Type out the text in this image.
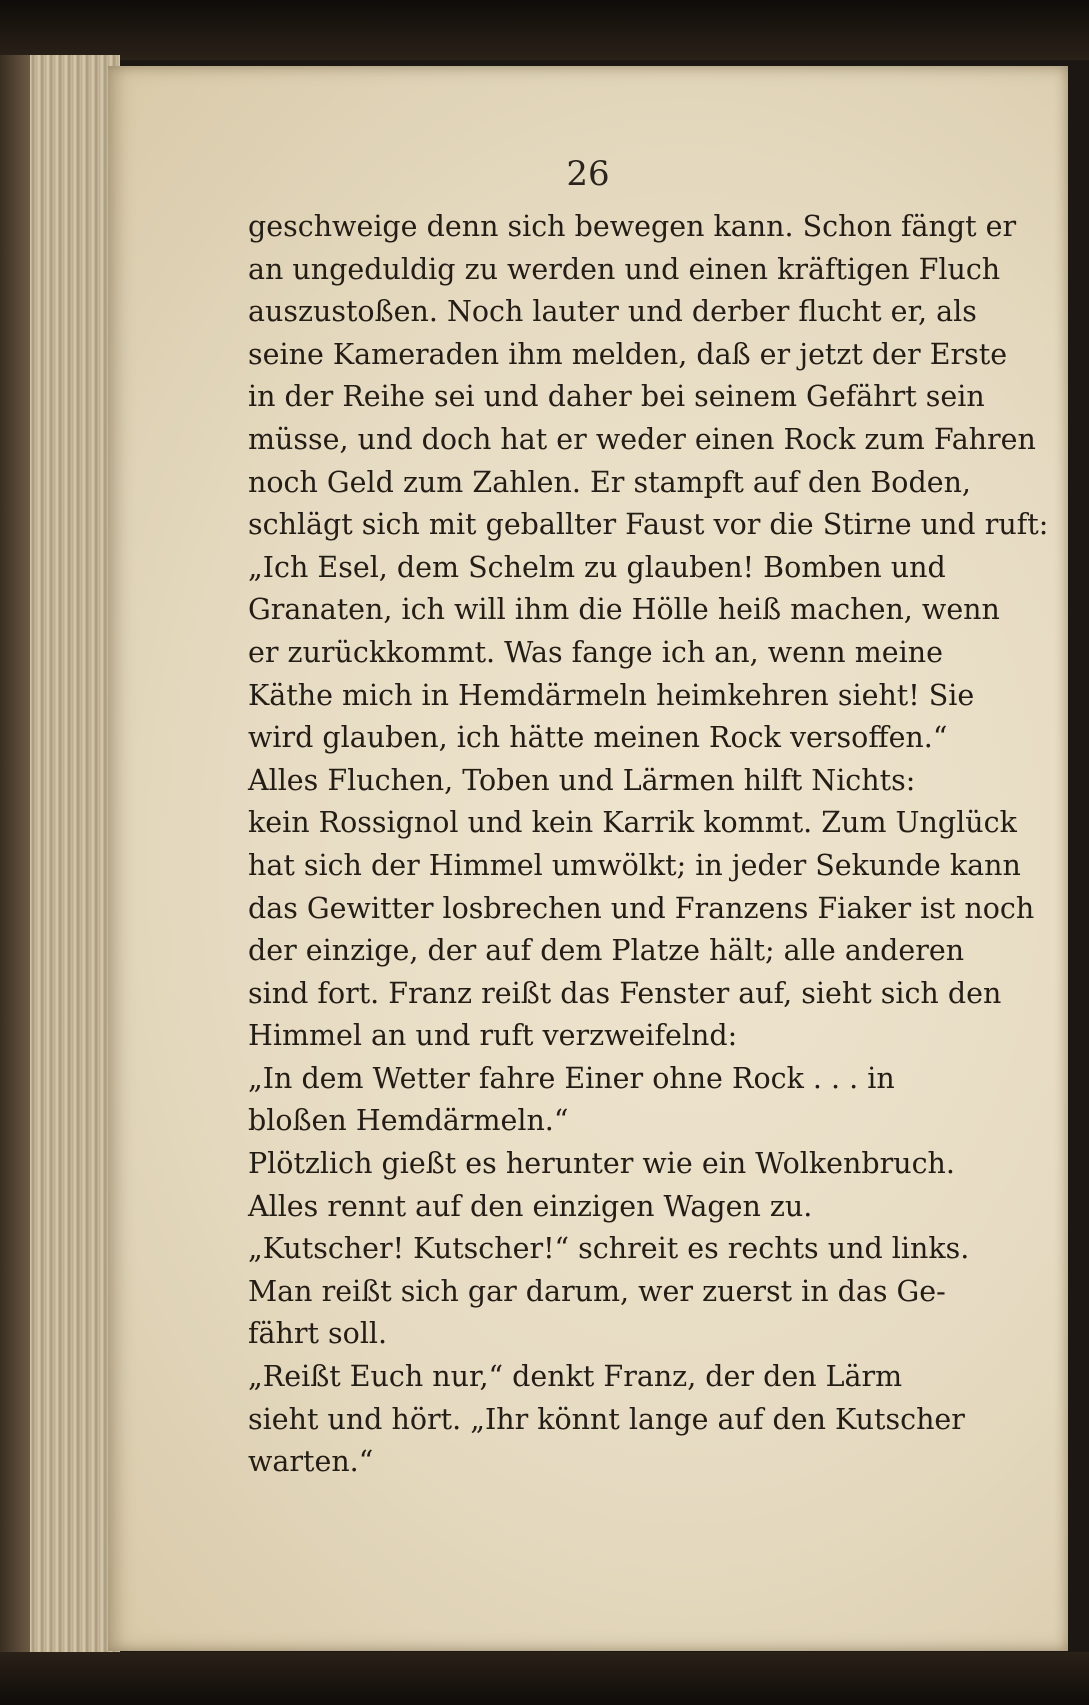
26
geschweige denn sich bewegen kann. Schon fängt er
an ungeduldig zu werden und einen kräftigen Fluch
auszustoßen. Noch lauter und derber flucht er, als
seine Kameraden ihm melden, daß er jetzt der Erste
in der Reihe sei und daher bei seinem Gefährt sein
müsse, und doch hat er weder einen Rock zum Fahren
noch Geld zum Zahlen. Er stampft auf den Boden,
schlägt sich mit geballter Faust vor die Stirne und ruft:
„Ich Esel, dem Schelm zu glauben! Bomben und
Granaten, ich will ihm die Hölle heiß machen, wenn
er zurückkommt. Was fange ich an, wenn meine
Käthe mich in Hemdärmeln heimkehren sieht! Sie
wird glauben, ich hätte meinen Rock versoffen.“
Alles Fluchen, Toben und Lärmen hilft Nichts:
kein Rossignol und kein Karrik kommt. Zum Unglück
hat sich der Himmel umwölkt; in jeder Sekunde kann
das Gewitter losbrechen und Franzens Fiaker ist noch
der einzige, der auf dem Platze hält; alle anderen
sind fort. Franz reißt das Fenster auf, sieht sich den
Himmel an und ruft verzweifelnd:
„In dem Wetter fahre Einer ohne Rock . . . in
bloßen Hemdärmeln.“
Plötzlich gießt es herunter wie ein Wolkenbruch.
Alles rennt auf den einzigen Wagen zu.
„Kutscher! Kutscher!“ schreit es rechts und links.
Man reißt sich gar darum, wer zuerst in das Ge-
fährt soll.
„Reißt Euch nur,“ denkt Franz, der den Lärm
sieht und hört. „Ihr könnt lange auf den Kutscher
warten.“
